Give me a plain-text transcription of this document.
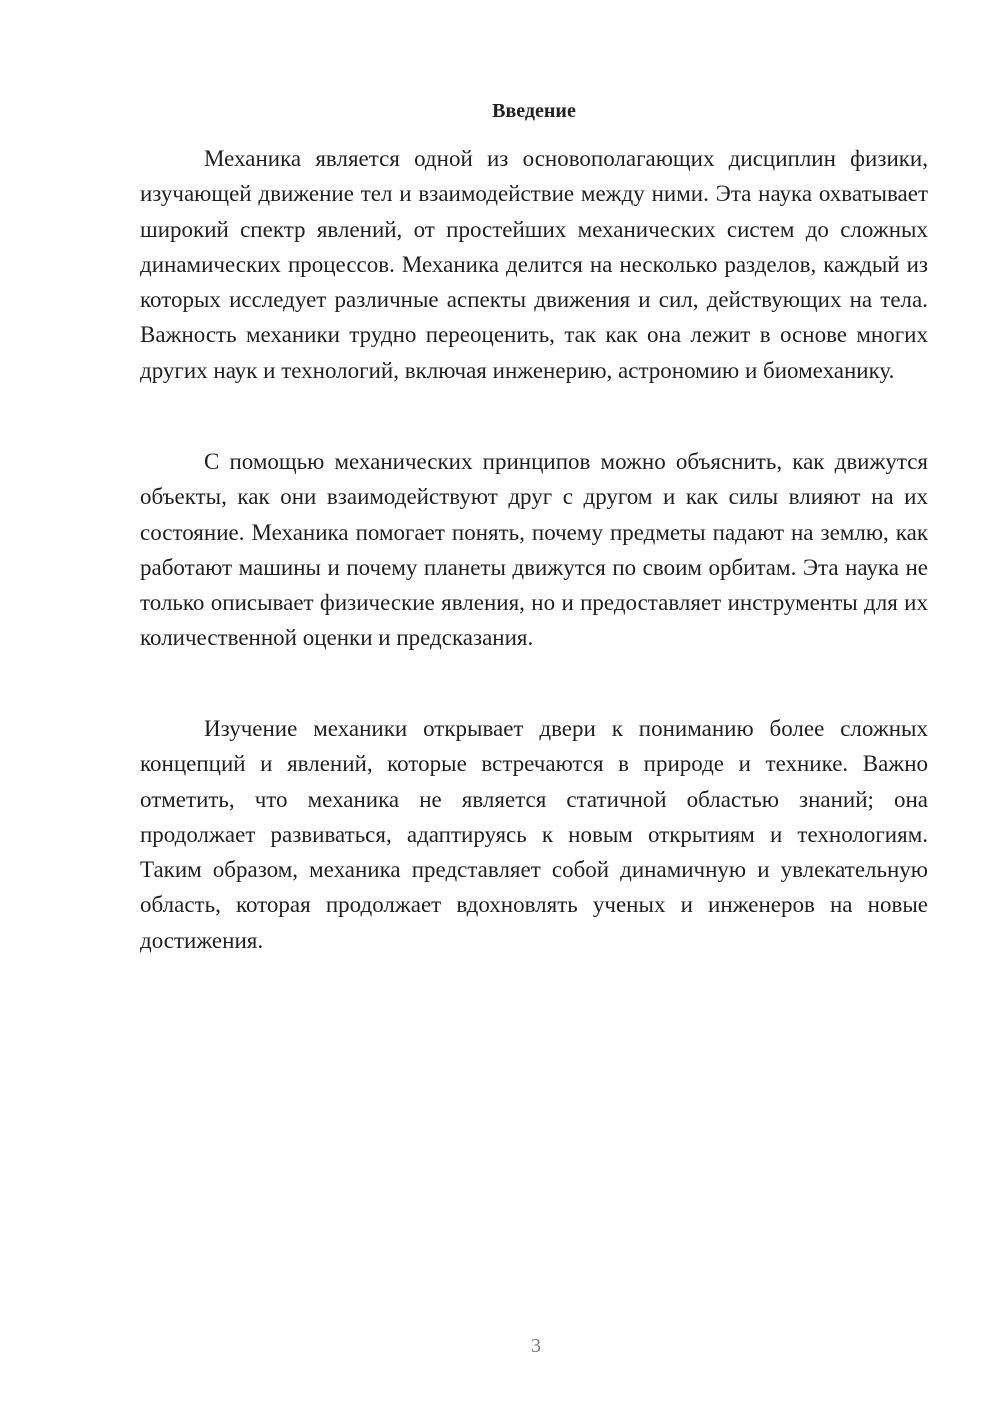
Введение

Механика является одной из основополагающих дисциплин физики, изучающей движение тел и взаимодействие между ними. Эта наука охватывает широкий спектр явлений, от простейших механических систем до сложных динамических процессов. Механика делится на несколько разделов, каждый из которых исследует различные аспекты движения и сил, действующих на тела. Важность механики трудно переоценить, так как она лежит в основе многих других наук и технологий, включая инженерию, астрономию и биомеханику.

С помощью механических принципов можно объяснить, как движутся объекты, как они взаимодействуют друг с другом и как силы влияют на их состояние. Механика помогает понять, почему предметы падают на землю, как работают машины и почему планеты движутся по своим орбитам. Эта наука не только описывает физические явления, но и предоставляет инструменты для их количественной оценки и предсказания.

Изучение механики открывает двери к пониманию более сложных концепций и явлений, которые встречаются в природе и технике. Важно отметить, что механика не является статичной областью знаний; она продолжает развиваться, адаптируясь к новым открытиям и технологиям. Таким образом, механика представляет собой динамичную и увлекательную область, которая продолжает вдохновлять ученых и инженеров на новые достижения.

3
